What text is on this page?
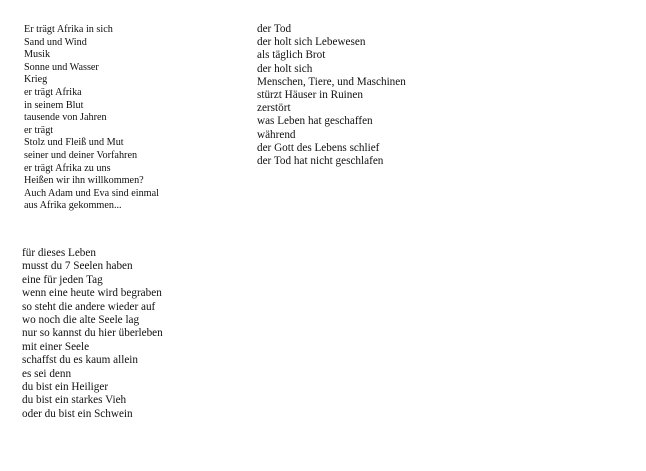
Er trägt Afrika in sich
Sand und Wind
Musik
Sonne und Wasser
Krieg
er trägt Afrika
in seinem Blut
tausende von Jahren
er trägt
Stolz und Fleiß und Mut
seiner und deiner Vorfahren
er trägt Afrika zu uns
Heißen wir ihn willkommen?
Auch Adam und Eva sind einmal
aus Afrika gekommen...
der Tod
der holt sich Lebewesen
als täglich Brot
der holt sich
Menschen, Tiere, und Maschinen
stürzt Häuser in Ruinen
zerstört
was Leben hat geschaffen
während
der Gott des Lebens schlief
der Tod hat nicht geschlafen
für dieses Leben
musst du 7 Seelen haben
eine für jeden Tag
wenn eine heute wird begraben
so steht die andere wieder auf
wo noch die alte Seele lag
nur so kannst du hier überleben
mit einer Seele
schaffst du es kaum allein
es sei denn
du bist ein Heiliger
du bist ein starkes Vieh
oder du bist ein Schwein
